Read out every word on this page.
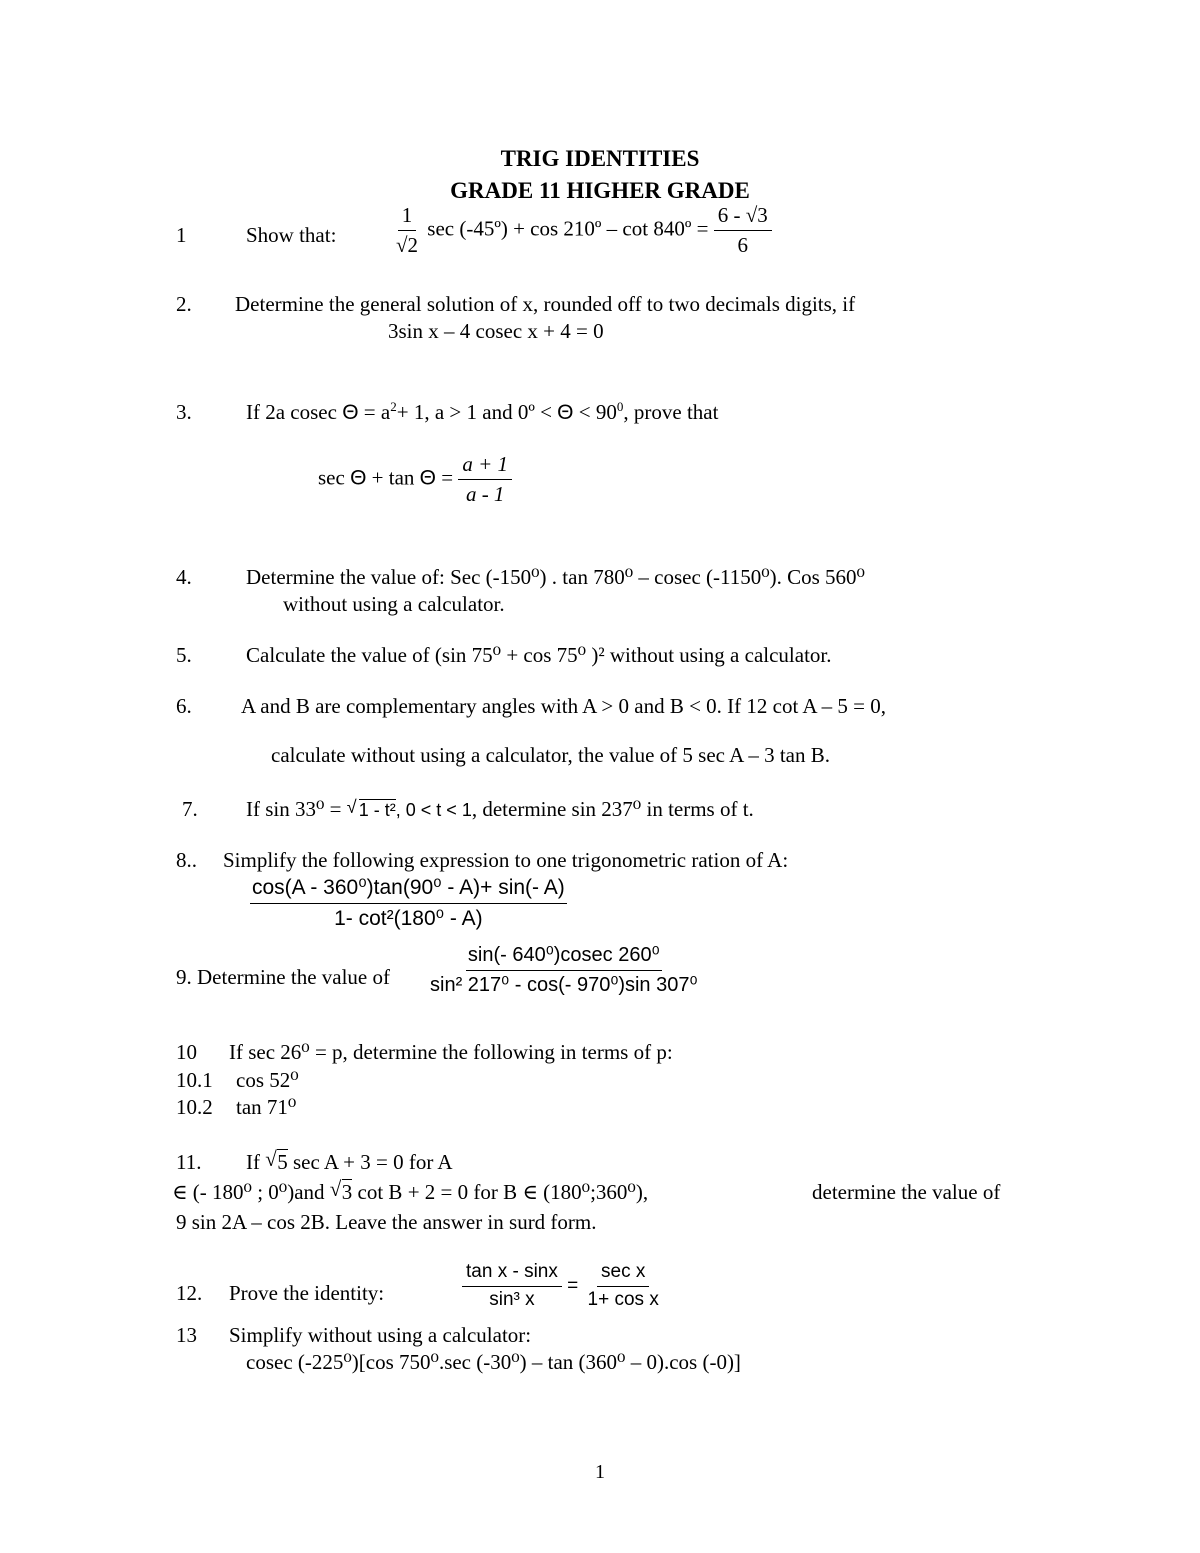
TRIG IDENTITIES
GRADE 11 HIGHER GRADE
1	Show that:	$\frac{1}{√2}$ sec (-45º) + cos 210º – cot 840º = $\frac{6 - √3}{6}$
2. Determine the general solution of x, rounded off to two decimals digits, if
3sin x – 4 cosec x + 4 = 0
3.	If 2a cosec $\Theta = a^2+ 1$, a > 1 and 0º < $\Theta < 90^0$, prove that
$\sec \Theta + \tan \Theta = \frac{a + 1}{a - 1}$
4.	Determine the value of: Sec (-150⁰) . tan 780⁰ – cosec (-1150⁰). Cos 560⁰
without using a calculator.
5.	Calculate the value of (sin 75⁰ + cos 75⁰ )² without using a calculator.
6. A and B are complementary angles with A > 0 and B < 0. If 12 cot A – 5 = 0,
calculate without using a calculator, the value of 5 sec A – 3 tan B.
7. If sin 33⁰ = √ 1 - t², 0 < t < 1, determine sin 237⁰ in terms of t.
8.. Simplify the following expression to one trigonometric ration of A:
$\frac{\text{cos(A - 360⁰)tan(90⁰ - A)+ sin(- A)}}{\text{1- cot²(180⁰ - A)}}$
9. Determine the value of $\frac{\text{sin(- 640⁰)cosec 260⁰}}{\text{sin² 217⁰ - cos(- 970⁰)sin 307⁰}}$
10 If sec 26⁰ = p, determine the following in terms of p:
10.1 cos 52⁰
10.2 tan 71⁰
11. If √ 5 sec A + 3 = 0 for A
∈ (- 180⁰ ; 0⁰)and √ 3 cot B + 2 = 0 for B ∈ (180⁰;360⁰),	determine the value of
9 sin 2A – cos 2B. Leave the answer in surd form.
12. Prove the identity:	$\frac{\text{tan x - sinx}}{\text{sin³ x}} = \frac{\text{sec x}}{\text{1+ cos x}}$
13 Simplify without using a calculator:
cosec (-225⁰)[cos 750⁰.sec (-30⁰) – tan (360⁰ – 0).cos (-0)]
1
